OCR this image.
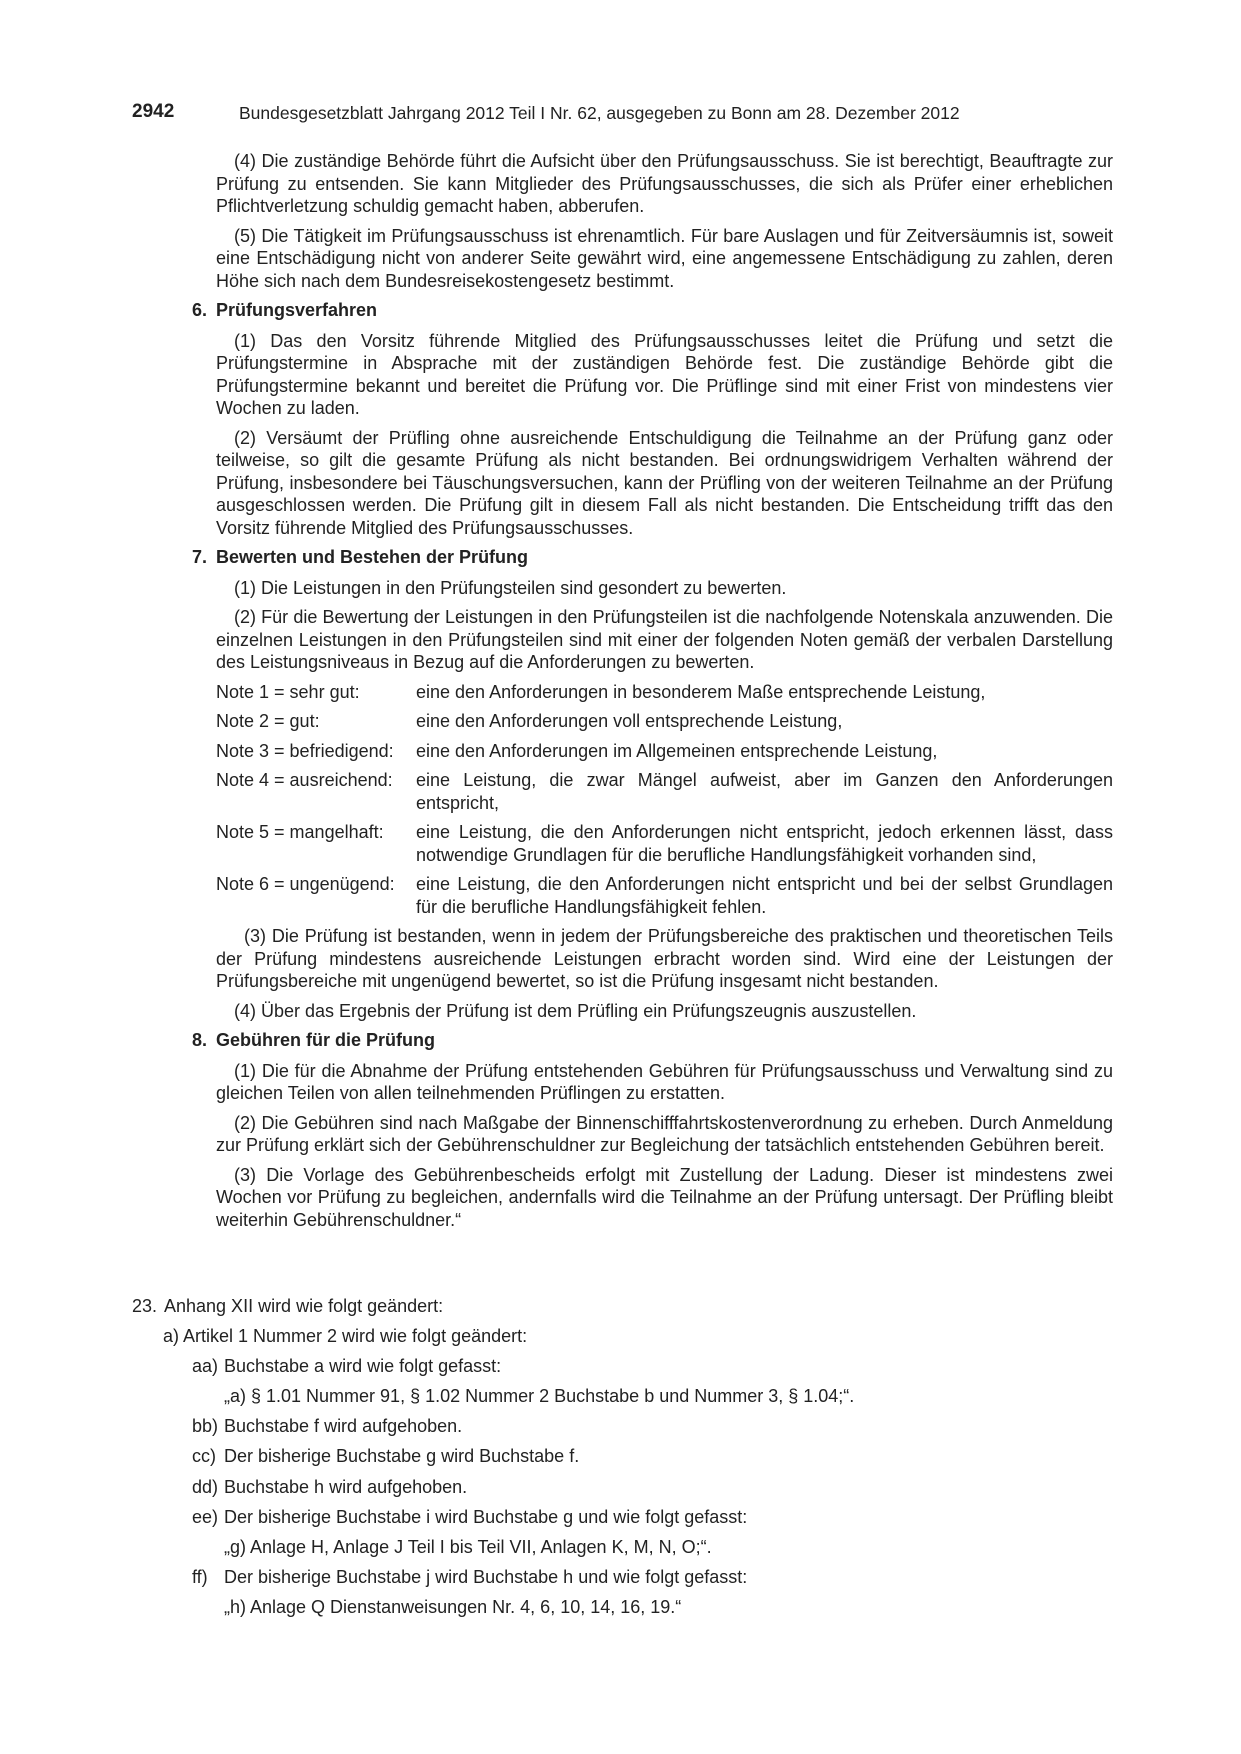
2942	Bundesgesetzblatt Jahrgang 2012 Teil I Nr. 62, ausgegeben zu Bonn am 28. Dezember 2012

(4) Die zuständige Behörde führt die Aufsicht über den Prüfungsausschuss. Sie ist berechtigt, Beauftragte zur Prüfung zu entsenden. Sie kann Mitglieder des Prüfungsausschusses, die sich als Prüfer einer erheblichen Pflichtverletzung schuldig gemacht haben, abberufen.

(5) Die Tätigkeit im Prüfungsausschuss ist ehrenamtlich. Für bare Auslagen und für Zeitversäumnis ist, soweit eine Entschädigung nicht von anderer Seite gewährt wird, eine angemessene Entschädigung zu zahlen, deren Höhe sich nach dem Bundesreisekostengesetz bestimmt.

6. Prüfungsverfahren

(1) Das den Vorsitz führende Mitglied des Prüfungsausschusses leitet die Prüfung und setzt die Prüfungstermine in Absprache mit der zuständigen Behörde fest. Die zuständige Behörde gibt die Prüfungstermine bekannt und bereitet die Prüfung vor. Die Prüflinge sind mit einer Frist von mindestens vier Wochen zu laden.

(2) Versäumt der Prüfling ohne ausreichende Entschuldigung die Teilnahme an der Prüfung ganz oder teilweise, so gilt die gesamte Prüfung als nicht bestanden. Bei ordnungswidrigem Verhalten während der Prüfung, insbesondere bei Täuschungsversuchen, kann der Prüfling von der weiteren Teilnahme an der Prüfung ausgeschlossen werden. Die Prüfung gilt in diesem Fall als nicht bestanden. Die Entscheidung trifft das den Vorsitz führende Mitglied des Prüfungsausschusses.

7. Bewerten und Bestehen der Prüfung

(1) Die Leistungen in den Prüfungsteilen sind gesondert zu bewerten.

(2) Für die Bewertung der Leistungen in den Prüfungsteilen ist die nachfolgende Notenskala anzuwenden. Die einzelnen Leistungen in den Prüfungsteilen sind mit einer der folgenden Noten gemäß der verbalen Darstellung des Leistungsniveaus in Bezug auf die Anforderungen zu bewerten.

Note 1 = sehr gut:	eine den Anforderungen in besonderem Maße entsprechende Leistung,
Note 2 = gut:	eine den Anforderungen voll entsprechende Leistung,
Note 3 = befriedigend:	eine den Anforderungen im Allgemeinen entsprechende Leistung,
Note 4 = ausreichend:	eine Leistung, die zwar Mängel aufweist, aber im Ganzen den Anforderungen entspricht,
Note 5 = mangelhaft:	eine Leistung, die den Anforderungen nicht entspricht, jedoch erkennen lässt, dass notwendige Grundlagen für die berufliche Handlungsfähigkeit vorhanden sind,
Note 6 = ungenügend:	eine Leistung, die den Anforderungen nicht entspricht und bei der selbst Grundlagen für die berufliche Handlungsfähigkeit fehlen.

(3) Die Prüfung ist bestanden, wenn in jedem der Prüfungsbereiche des praktischen und theoretischen Teils der Prüfung mindestens ausreichende Leistungen erbracht worden sind. Wird eine der Leistungen der Prüfungsbereiche mit ungenügend bewertet, so ist die Prüfung insgesamt nicht bestanden.

(4) Über das Ergebnis der Prüfung ist dem Prüfling ein Prüfungszeugnis auszustellen.

8. Gebühren für die Prüfung

(1) Die für die Abnahme der Prüfung entstehenden Gebühren für Prüfungsausschuss und Verwaltung sind zu gleichen Teilen von allen teilnehmenden Prüflingen zu erstatten.

(2) Die Gebühren sind nach Maßgabe der Binnenschifffahrtskostenverordnung zu erheben. Durch Anmeldung zur Prüfung erklärt sich der Gebührenschuldner zur Begleichung der tatsächlich entstehenden Gebühren bereit.

(3) Die Vorlage des Gebührenbescheids erfolgt mit Zustellung der Ladung. Dieser ist mindestens zwei Wochen vor Prüfung zu begleichen, andernfalls wird die Teilnahme an der Prüfung untersagt. Der Prüfling bleibt weiterhin Gebührenschuldner.“

23. Anhang XII wird wie folgt geändert:
a) Artikel 1 Nummer 2 wird wie folgt geändert:
aa) Buchstabe a wird wie folgt gefasst:
„a) § 1.01 Nummer 91, § 1.02 Nummer 2 Buchstabe b und Nummer 3, § 1.04;“.
bb) Buchstabe f wird aufgehoben.
cc) Der bisherige Buchstabe g wird Buchstabe f.
dd) Buchstabe h wird aufgehoben.
ee) Der bisherige Buchstabe i wird Buchstabe g und wie folgt gefasst:
„g) Anlage H, Anlage J Teil I bis Teil VII, Anlagen K, M, N, O;“.
ff) Der bisherige Buchstabe j wird Buchstabe h und wie folgt gefasst:
„h) Anlage Q Dienstanweisungen Nr. 4, 6, 10, 14, 16, 19.“
